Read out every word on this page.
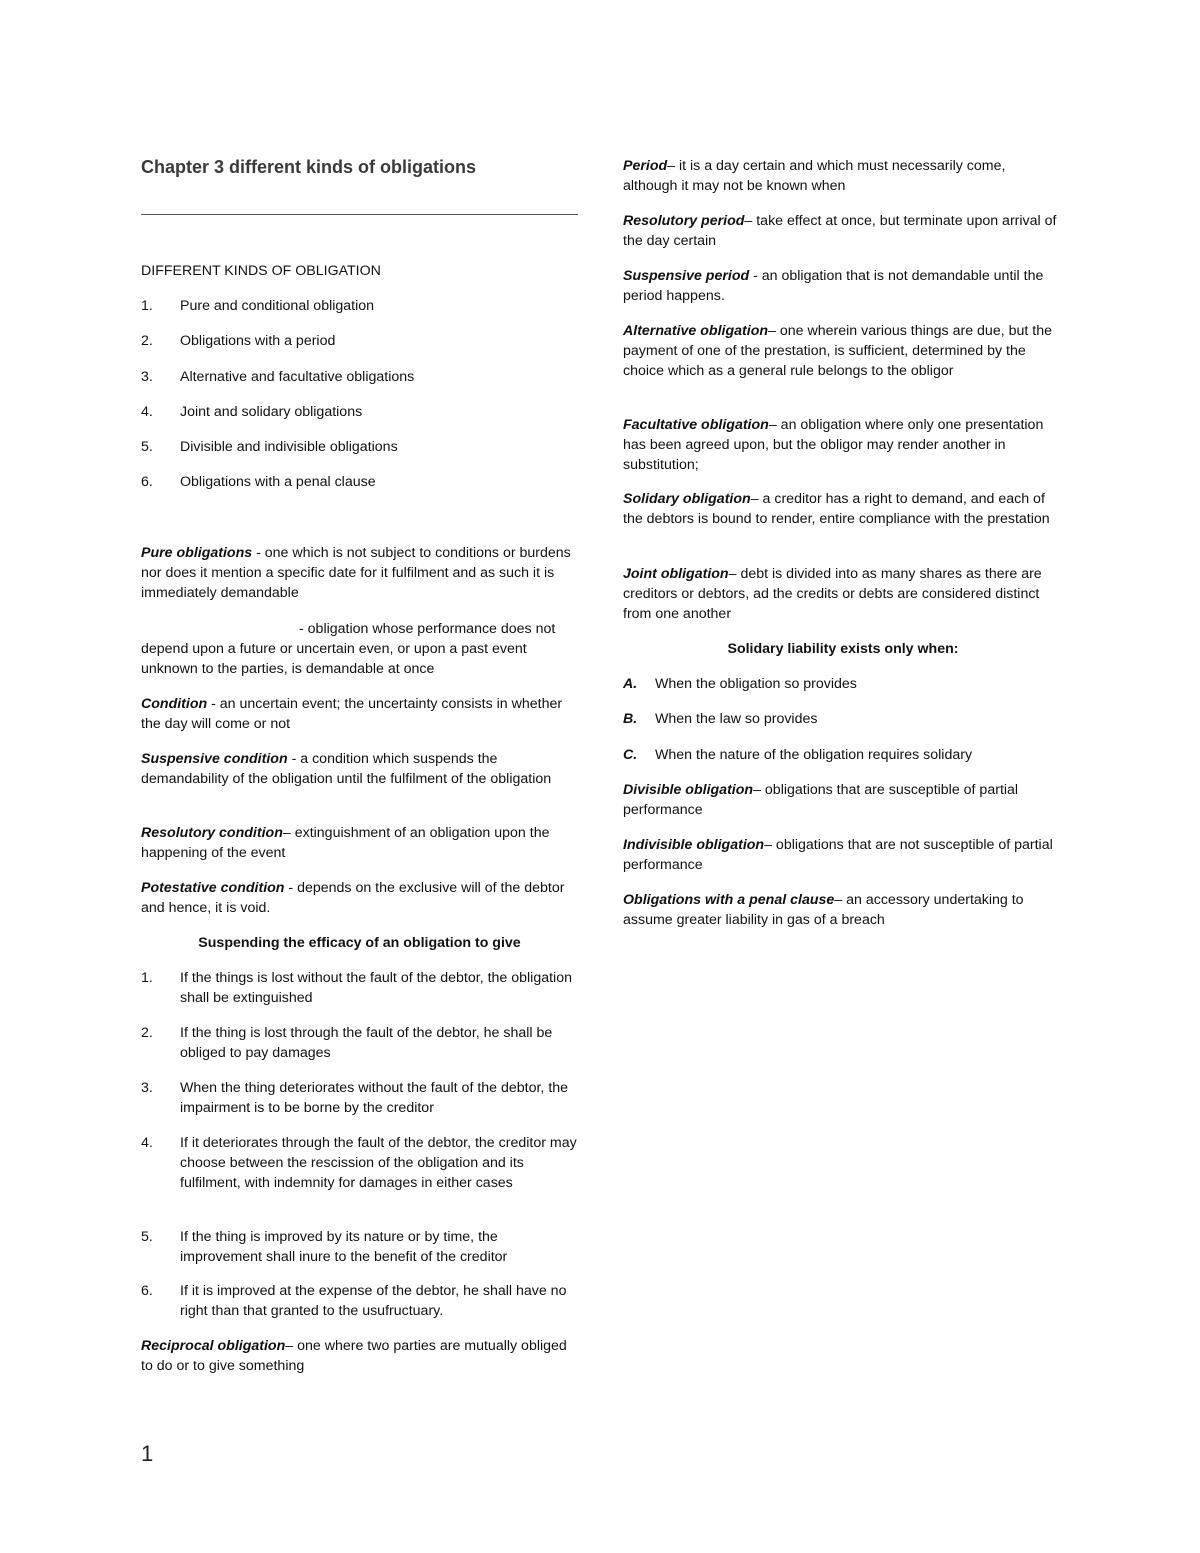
Chapter 3 different kinds of obligations
DIFFERENT KINDS OF OBLIGATION
1. Pure and conditional obligation
2. Obligations with a period
3. Alternative and facultative obligations
4. Joint and solidary obligations
5. Divisible and indivisible obligations
6. Obligations with a penal clause
Pure obligations - one which is not subject to conditions or burdens nor does it mention a specific date for it fulfilment and as such it is immediately demandable
- obligation whose performance does not depend upon a future or uncertain even, or upon a past event unknown to the parties, is demandable at once
Condition - an uncertain event; the uncertainty consists in whether the day will come or not
Suspensive condition - a condition which suspends the demandability of the obligation until the fulfilment of the obligation
Resolutory condition– extinguishment of an obligation upon the happening of the event
Potestative condition - depends on the exclusive will of the debtor and hence, it is void.
Suspending the efficacy of an obligation to give
1. If the things is lost without the fault of the debtor, the obligation shall be extinguished
2. If the thing is lost through the fault of the debtor, he shall be obliged to pay damages
3. When the thing deteriorates without the fault of the debtor, the impairment is to be borne by the creditor
4. If it deteriorates through the fault of the debtor, the creditor may choose between the rescission of the obligation and its fulfilment, with indemnity for damages in either cases
5. If the thing is improved by its nature or by time, the improvement shall inure to the benefit of the creditor
6. If it is improved at the expense of the debtor, he shall have no right than that granted to the usufructuary.
Reciprocal obligation– one where two parties are mutually obliged to do or to give something
Period– it is a day certain and which must necessarily come, although it may not be known when
Resolutory period– take effect at once, but terminate upon arrival of the day certain
Suspensive period - an obligation that is not demandable until the period happens.
Alternative obligation– one wherein various things are due, but the payment of one of the prestation, is sufficient, determined by the choice which as a general rule belongs to the obligor
Facultative obligation– an obligation where only one presentation has been agreed upon, but the obligor may render another in substitution;
Solidary obligation– a creditor has a right to demand, and each of the debtors is bound to render, entire compliance with the prestation
Joint obligation– debt is divided into as many shares as there are creditors or debtors, ad the credits or debts are considered distinct from one another
Solidary liability exists only when:
A. When the obligation so provides
B. When the law so provides
C. When the nature of the obligation requires solidary
Divisible obligation– obligations that are susceptible of partial performance
Indivisible obligation– obligations that are not susceptible of partial performance
Obligations with a penal clause– an accessory undertaking to assume greater liability in gas of a breach
1
